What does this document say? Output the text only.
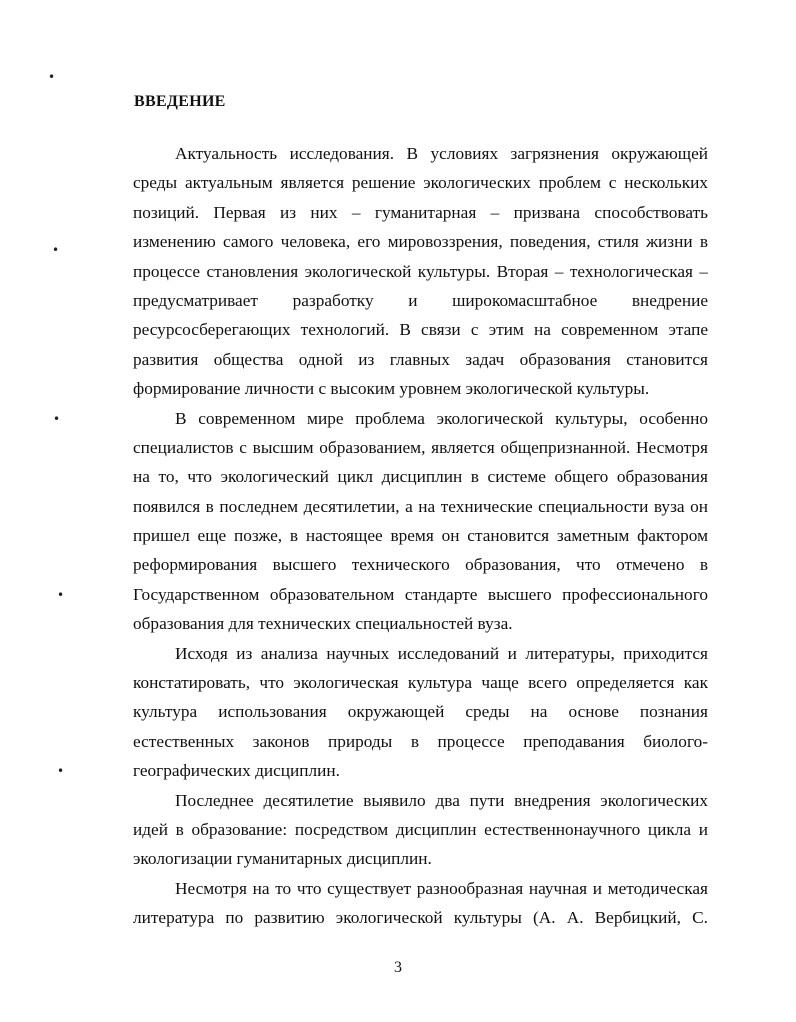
ВВЕДЕНИЕ
Актуальность исследования. В условиях загрязнения окружающей
среды актуальным является решение экологических проблем с нескольких
позиций. Первая из них – гуманитарная – призвана способствовать
изменению самого человека, его мировоззрения, поведения, стиля жизни в
процессе становления экологической культуры. Вторая – технологическая –
предусматривает разработку и широкомасштабное внедрение
ресурсосберегающих технологий. В связи с этим на современном этапе
развития общества одной из главных задач образования становится
формирование личности с высоким уровнем экологической культуры.
В современном мире проблема экологической культуры, особенно
специалистов с высшим образованием, является общепризнанной. Несмотря
на то, что экологический цикл дисциплин в системе общего образования
появился в последнем десятилетии, а на технические специальности вуза он
пришел еще позже, в настоящее время он становится заметным фактором
реформирования высшего технического образования, что отмечено в
Государственном образовательном стандарте высшего профессионального
образования для технических специальностей вуза.
Исходя из анализа научных исследований и литературы, приходится
констатировать, что экологическая культура чаще всего определяется как
культура использования окружающей среды на основе познания
естественных законов природы в процессе преподавания биолого-
географических дисциплин.
Последнее десятилетие выявило два пути внедрения экологических
идей в образование: посредством дисциплин естественнонаучного цикла и
экологизации гуманитарных дисциплин.
Несмотря на то что существует разнообразная научная и методическая
литература по развитию экологической культуры (А. А. Вербицкий, С.
3
•
•
•
•
•
